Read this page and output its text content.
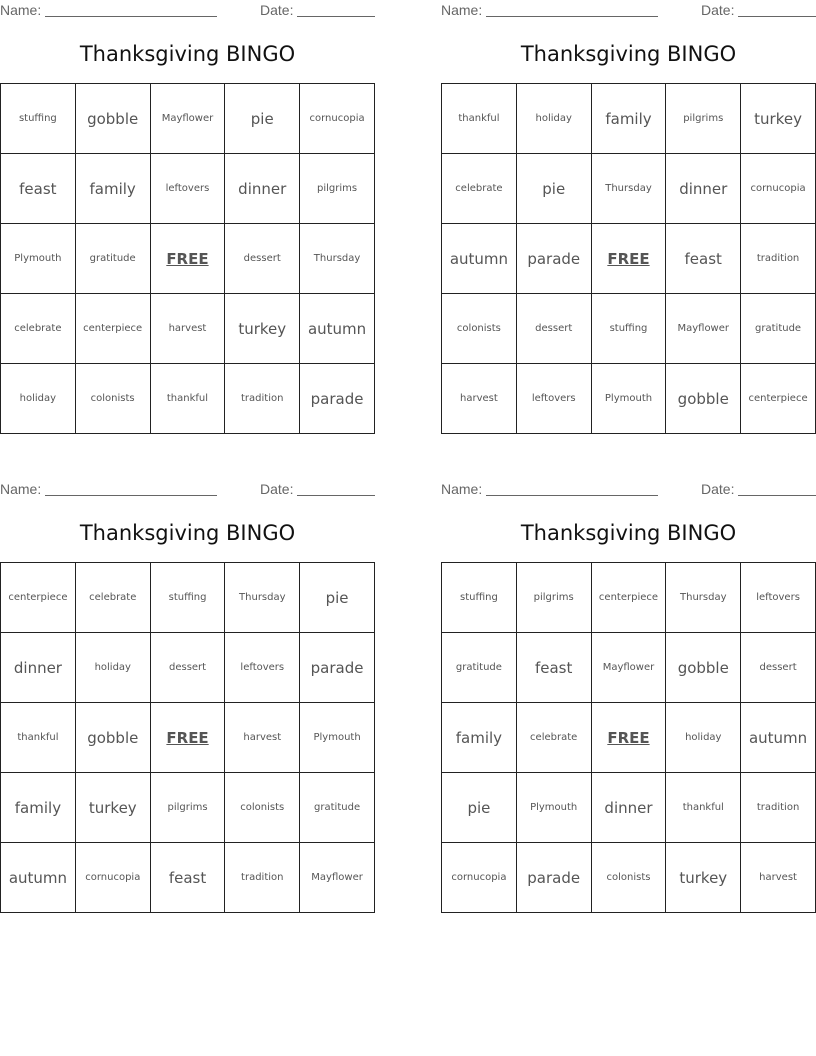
Name:	Date:
Thanksgiving BINGO
stuffing	gobble	Mayflower	pie	cornucopia
feast	family	leftovers	dinner	pilgrims
Plymouth	gratitude	FREE	dessert	Thursday
celebrate	centerpiece	harvest	turkey	autumn
holiday	colonists	thankful	tradition	parade
Name:	Date:
Thanksgiving BINGO
thankful	holiday	family	pilgrims	turkey
celebrate	pie	Thursday	dinner	cornucopia
autumn	parade	FREE	feast	tradition
colonists	dessert	stuffing	Mayflower	gratitude
harvest	leftovers	Plymouth	gobble	centerpiece
Name:	Date:
Thanksgiving BINGO
centerpiece	celebrate	stuffing	Thursday	pie
dinner	holiday	dessert	leftovers	parade
thankful	gobble	FREE	harvest	Plymouth
family	turkey	pilgrims	colonists	gratitude
autumn	cornucopia	feast	tradition	Mayflower
Name:	Date:
Thanksgiving BINGO
stuffing	pilgrims	centerpiece	Thursday	leftovers
gratitude	feast	Mayflower	gobble	dessert
family	celebrate	FREE	holiday	autumn
pie	Plymouth	dinner	thankful	tradition
cornucopia	parade	colonists	turkey	harvest
